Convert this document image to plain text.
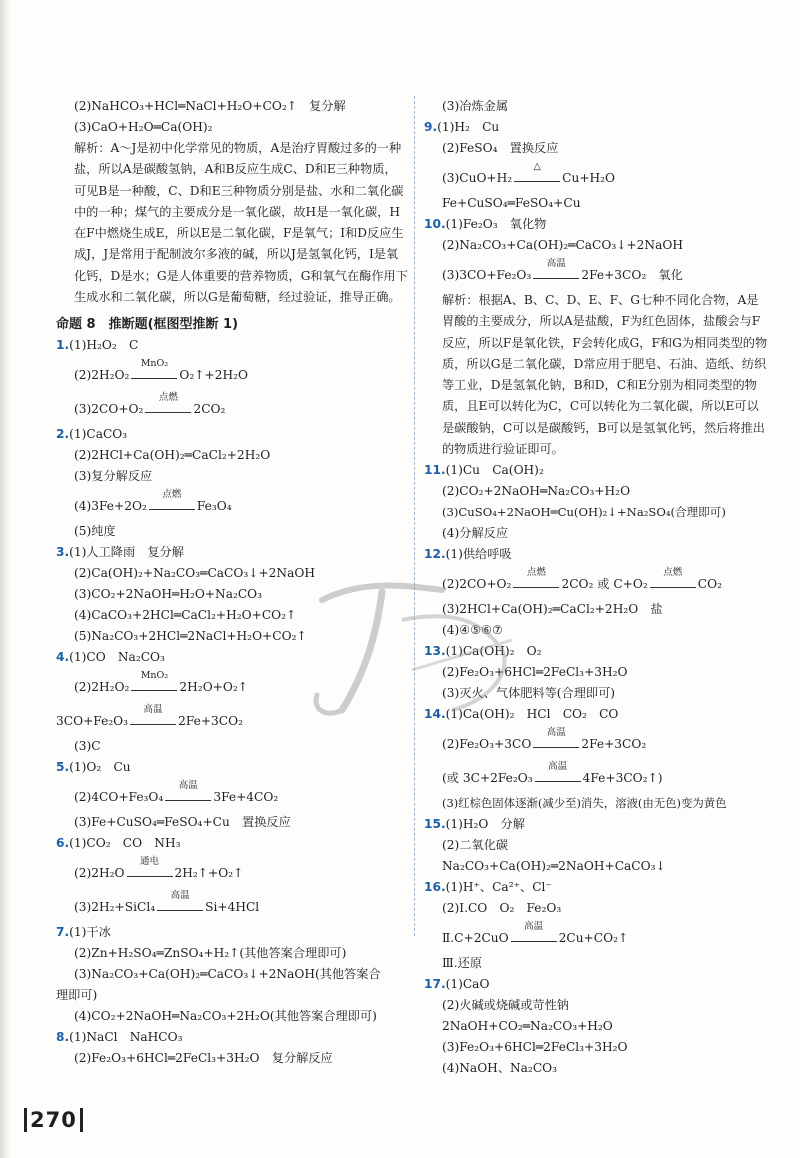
(2)NaHCO₃+HCl═NaCl+H₂O+CO₂↑　复分解
(3)CaO+H₂O═Ca(OH)₂
解析：A～J是初中化学常见的物质，A是治疗胃酸过多的一种盐，所以A是碳酸氢钠，A和B反应生成C、D和E三种物质，可见B是一种酸，C、D和E三种物质分别是盐、水和二氧化碳中的一种；煤气的主要成分是一氧化碳，故H是一氧化碳，H在F中燃烧生成E，所以E是二氧化碳，F是氧气；I和D反应生成J，J是常用于配制波尔多液的碱，所以J是氢氧化钙，I是氧化钙，D是水；G是人体重要的营养物质，G和氧气在酶作用下生成水和二氧化碳，所以G是葡萄糖，经过验证，推导正确。
命题 8　推断题(框图型推断 1)
1.(1)H₂O₂　C
(2)2H₂O₂
MnO₂
O₂↑+2H₂O
(3)2CO+O₂
点燃
2CO₂
2.(1)CaCO₃
(2)2HCl+Ca(OH)₂═CaCl₂+2H₂O
(3)复分解反应
(4)3Fe+2O₂
点燃
Fe₃O₄
(5)纯度
3.(1)人工降雨　复分解
(2)Ca(OH)₂+Na₂CO₃═CaCO₃↓+2NaOH
(3)CO₂+2NaOH═H₂O+Na₂CO₃
(4)CaCO₃+2HCl═CaCl₂+H₂O+CO₂↑
(5)Na₂CO₃+2HCl═2NaCl+H₂O+CO₂↑
4.(1)CO　Na₂CO₃
(2)2H₂O₂
MnO₂
2H₂O+O₂↑
3CO+Fe₂O₃
高温
2Fe+3CO₂
(3)C
5.(1)O₂　Cu
(2)4CO+Fe₃O₄
高温
3Fe+4CO₂
(3)Fe+CuSO₄═FeSO₄+Cu　置换反应
6.(1)CO₂　CO　NH₃
(2)2H₂O
通电
2H₂↑+O₂↑
(3)2H₂+SiCl₄
高温
Si+4HCl
7.(1)干冰
(2)Zn+H₂SO₄═ZnSO₄+H₂↑(其他答案合理即可)
(3)Na₂CO₃+Ca(OH)₂═CaCO₃↓+2NaOH(其他答案合
理即可)
(4)CO₂+2NaOH═Na₂CO₃+2H₂O(其他答案合理即可)
8.(1)NaCl　NaHCO₃
(2)Fe₂O₃+6HCl═2FeCl₃+3H₂O　复分解反应
(3)冶炼金属
9.(1)H₂　Cu
(2)FeSO₄　置换反应
(3)CuO+H₂
△
Cu+H₂O
Fe+CuSO₄═FeSO₄+Cu
10.(1)Fe₂O₃　氧化物
(2)Na₂CO₃+Ca(OH)₂═CaCO₃↓+2NaOH
(3)3CO+Fe₂O₃
高温
2Fe+3CO₂　氧化
解析：根据A、B、C、D、E、F、G七种不同化合物，A是胃酸的主要成分，所以A是盐酸，F为红色固体，盐酸会与F反应，所以F是氧化铁，F会转化成G，F和G为相同类型的物质，所以G是二氧化碳，D常应用于肥皂、石油、造纸、纺织等工业，D是氢氧化钠，B和D，C和E分别为相同类型的物质，且E可以转化为C，C可以转化为二氧化碳，所以E可以是碳酸钠，C可以是碳酸钙，B可以是氢氧化钙，然后将推出的物质进行验证即可。
11.(1)Cu　Ca(OH)₂
(2)CO₂+2NaOH═Na₂CO₃+H₂O
(3)CuSO₄+2NaOH═Cu(OH)₂↓+Na₂SO₄(合理即可)
(4)分解反应
12.(1)供给呼吸
(2)2CO+O₂
点燃
2CO₂ 或 C+O₂
点燃
CO₂
(3)2HCl+Ca(OH)₂═CaCl₂+2H₂O　盐
(4)④⑤⑥⑦
13.(1)Ca(OH)₂　O₂
(2)Fe₂O₃+6HCl═2FeCl₃+3H₂O
(3)灭火、气体肥料等(合理即可)
14.(1)Ca(OH)₂　HCl　CO₂　CO
(2)Fe₂O₃+3CO
高温
2Fe+3CO₂
(或 3C+2Fe₂O₃
高温
4Fe+3CO₂↑)
(3)红棕色固体逐渐(减少至)消失，溶液(由无色)变为黄色
15.(1)H₂O　分解
(2)二氧化碳
Na₂CO₃+Ca(OH)₂═2NaOH+CaCO₃↓
16.(1)H⁺、Ca²⁺、Cl⁻
(2)Ⅰ.CO　O₂　Fe₂O₃
Ⅱ.C+2CuO
高温
2Cu+CO₂↑
Ⅲ.还原
17.(1)CaO
(2)火碱或烧碱或苛性钠
2NaOH+CO₂═Na₂CO₃+H₂O
(3)Fe₂O₃+6HCl═2FeCl₃+3H₂O
(4)NaOH、Na₂CO₃
270
